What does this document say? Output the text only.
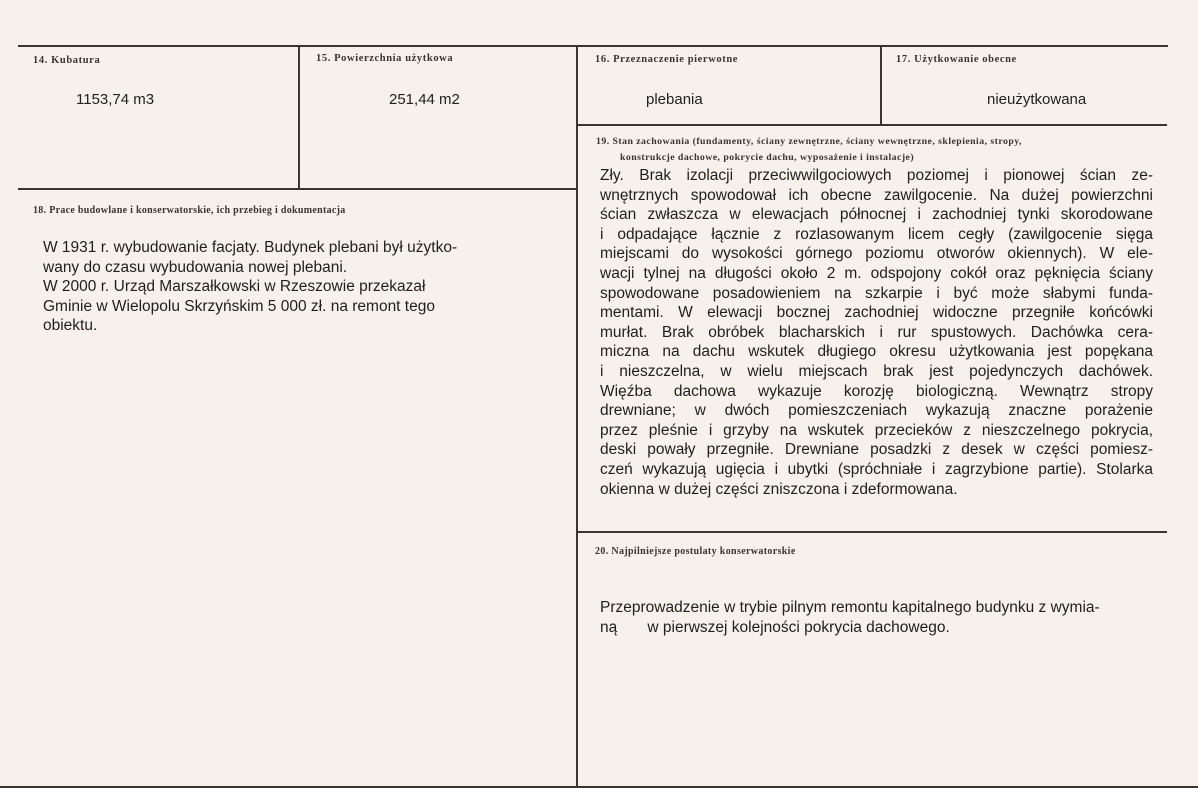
14. Kubatura
1153,74 m3
15. Powierzchnia użytkowa
251,44 m2
16. Przeznaczenie pierwotne
plebania
17. Użytkowanie obecne
nieużytkowana
18. Prace budowlane i konserwatorskie, ich przebieg i dokumentacja
W 1931 r. wybudowanie facjaty. Budynek plebani był użytko-
wany do czasu wybudowania nowej plebani.
W 2000 r. Urząd Marszałkowski w Rzeszowie przekazał
Gminie w Wielopolu Skrzyńskim 5 000 zł. na remont tego
obiektu.
19. Stan zachowania (fundamenty, ściany zewnętrzne, ściany wewnętrzne, sklepienia, stropy,
konstrukcje dachowe, pokrycie dachu, wyposażenie i instalacje)
Zły. Brak izolacji przeciwwilgociowych poziomej i pionowej ścian ze-
wnętrznych spowodował ich obecne zawilgocenie. Na dużej powierzchni
ścian zwłaszcza w elewacjach północnej i zachodniej tynki skorodowane
i odpadające łącznie z rozlasowanym licem cegły (zawilgocenie sięga
miejscami do wysokości górnego poziomu otworów okiennych). W ele-
wacji tylnej na długości około 2 m. odspojony cokół oraz pęknięcia ściany
spowodowane posadowieniem na szkarpie i być może słabymi funda-
mentami. W elewacji bocznej zachodniej widoczne przegniłe końcówki
murłat. Brak obróbek blacharskich i rur spustowych. Dachówka cera-
miczna na dachu wskutek długiego okresu użytkowania jest popękana
i nieszczelna, w wielu miejscach brak jest pojedynczych dachówek.
Więźba dachowa wykazuje korozję biologiczną. Wewnątrz stropy
drewniane; w dwóch pomieszczeniach wykazują znaczne porażenie
przez pleśnie i grzyby na wskutek przecieków z nieszczelnego pokrycia,
deski powały przegniłe. Drewniane posadzki z desek w części pomiesz-
czeń wykazują ugięcia i ubytki (spróchniałe i zagrzybione partie). Stolarka
okienna w dużej części zniszczona i zdeformowana.
20. Najpilniejsze postulaty konserwatorskie
Przeprowadzenie w trybie pilnym remontu kapitalnego budynku z wymia-
ną       w pierwszej kolejności pokrycia dachowego.
